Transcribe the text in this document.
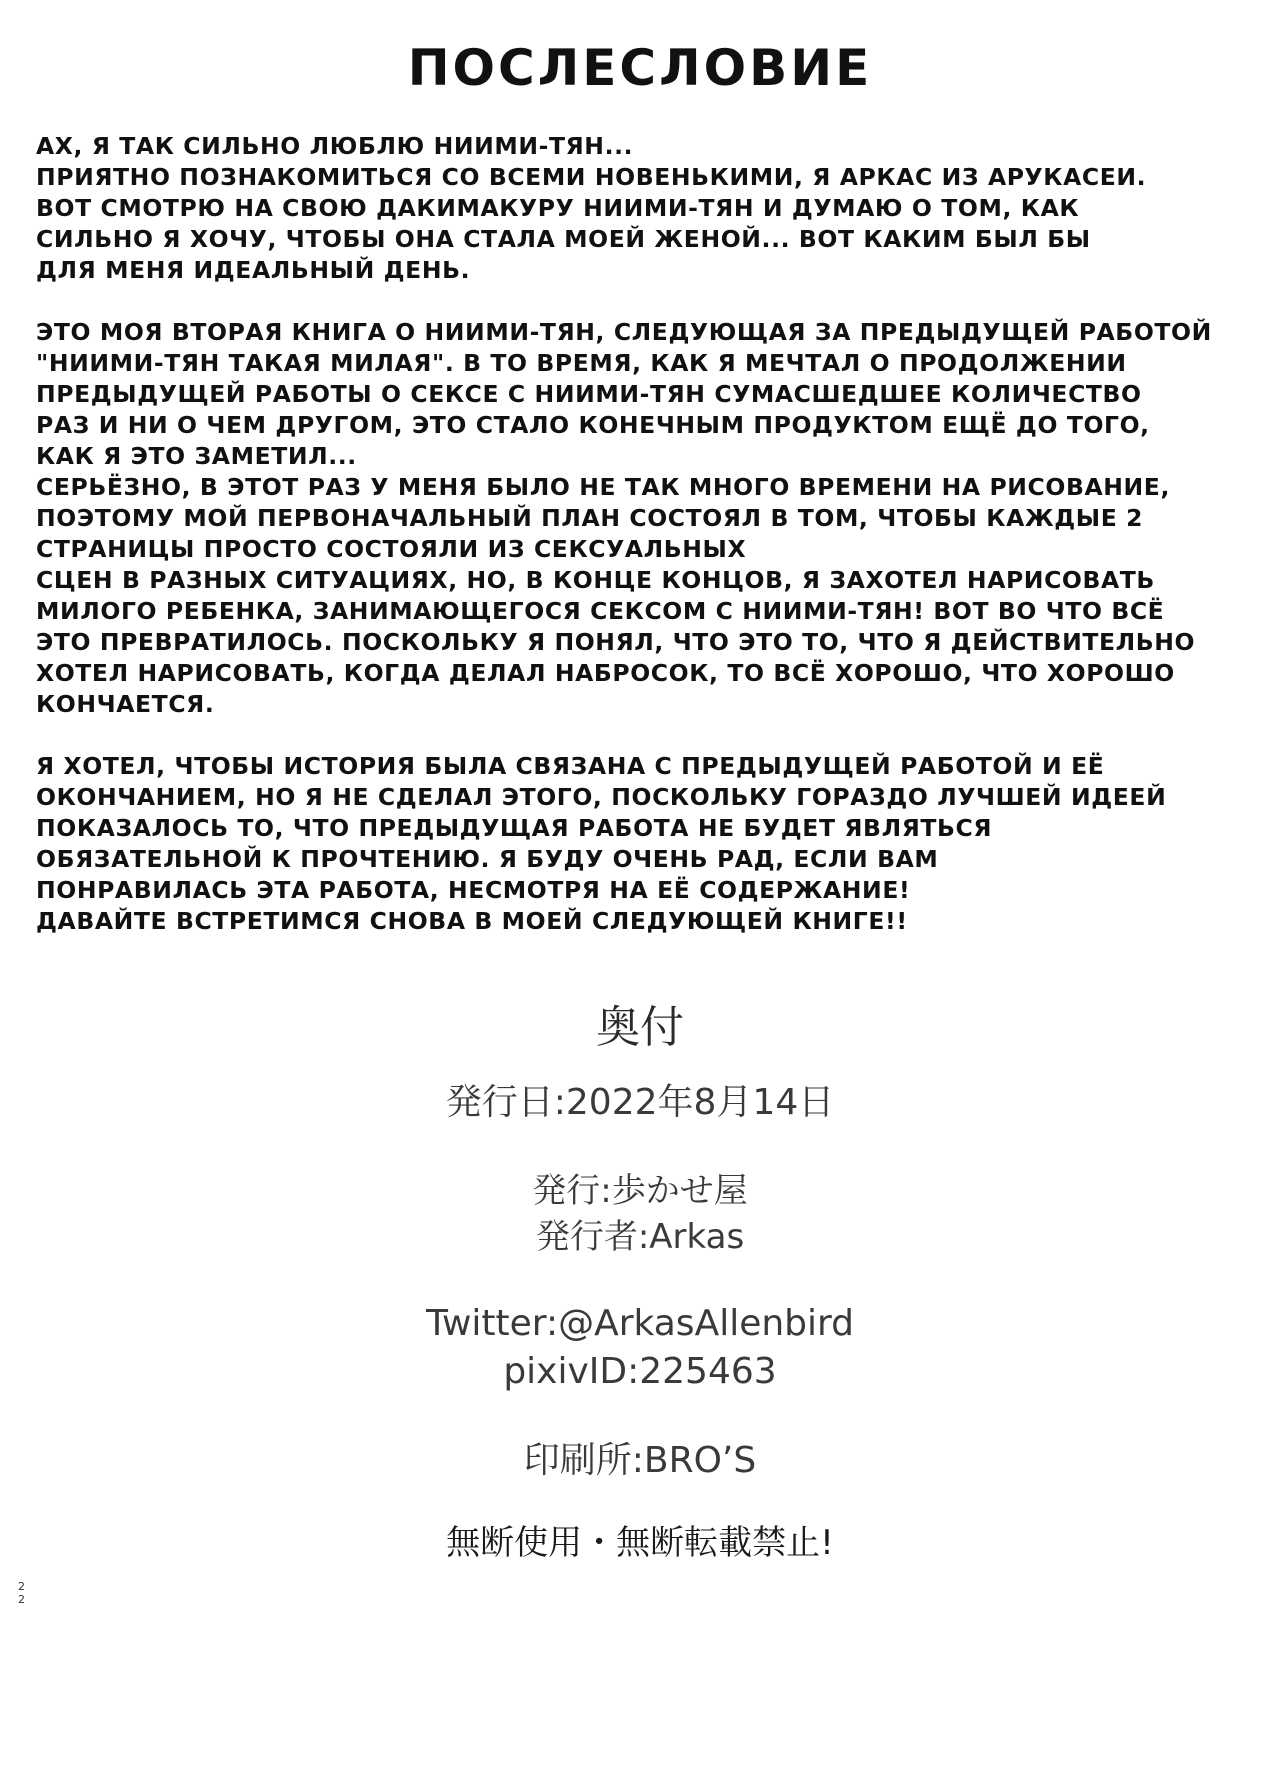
ПОСЛЕСЛОВИЕ

АХ, Я ТАК СИЛЬНО ЛЮБЛЮ НИИМИ-ТЯН...
ПРИЯТНО ПОЗНАКОМИТЬСЯ СО ВСЕМИ НОВЕНЬКИМИ, Я АРКАС ИЗ АРУКАСЕИ.
ВОТ СМОТРЮ НА СВОЮ ДАКИМАКУРУ НИИМИ-ТЯН И ДУМАЮ О ТОМ, КАК
СИЛЬНО Я ХОЧУ, ЧТОБЫ ОНА СТАЛА МОЕЙ ЖЕНОЙ... ВОТ КАКИМ БЫЛ БЫ
ДЛЯ МЕНЯ ИДЕАЛЬНЫЙ ДЕНЬ.

ЭТО МОЯ ВТОРАЯ КНИГА О НИИМИ-ТЯН, СЛЕДУЮЩАЯ ЗА ПРЕДЫДУЩЕЙ РАБОТОЙ
"НИИМИ-ТЯН ТАКАЯ МИЛАЯ". В ТО ВРЕМЯ, КАК Я МЕЧТАЛ О ПРОДОЛЖЕНИИ
ПРЕДЫДУЩЕЙ РАБОТЫ О СЕКСЕ С НИИМИ-ТЯН СУМАСШЕДШЕЕ КОЛИЧЕСТВО
РАЗ И НИ О ЧЕМ ДРУГОМ, ЭТО СТАЛО КОНЕЧНЫМ ПРОДУКТОМ ЕЩЁ ДО ТОГО,
КАК Я ЭТО ЗАМЕТИЛ...
СЕРЬЁЗНО, В ЭТОТ РАЗ У МЕНЯ БЫЛО НЕ ТАК МНОГО ВРЕМЕНИ НА РИСОВАНИЕ,
ПОЭТОМУ МОЙ ПЕРВОНАЧАЛЬНЫЙ ПЛАН СОСТОЯЛ В ТОМ, ЧТОБЫ КАЖДЫЕ 2
СТРАНИЦЫ ПРОСТО СОСТОЯЛИ ИЗ СЕКСУАЛЬНЫХ
СЦЕН В РАЗНЫХ СИТУАЦИЯХ, НО, В КОНЦЕ КОНЦОВ, Я ЗАХОТЕЛ НАРИСОВАТЬ
МИЛОГО РЕБЕНКА, ЗАНИМАЮЩЕГОСЯ СЕКСОМ С НИИМИ-ТЯН! ВОТ ВО ЧТО ВСЁ
ЭТО ПРЕВРАТИЛОСЬ. ПОСКОЛЬКУ Я ПОНЯЛ, ЧТО ЭТО ТО, ЧТО Я ДЕЙСТВИТЕЛЬНО
ХОТЕЛ НАРИСОВАТЬ, КОГДА ДЕЛАЛ НАБРОСОК, ТО ВСЁ ХОРОШО, ЧТО ХОРОШО
КОНЧАЕТСЯ.

Я ХОТЕЛ, ЧТОБЫ ИСТОРИЯ БЫЛА СВЯЗАНА С ПРЕДЫДУЩЕЙ РАБОТОЙ И ЕЁ
ОКОНЧАНИЕМ, НО Я НЕ СДЕЛАЛ ЭТОГО, ПОСКОЛЬКУ ГОРАЗДО ЛУЧШЕЙ ИДЕЕЙ
ПОКАЗАЛОСЬ ТО, ЧТО ПРЕДЫДУЩАЯ РАБОТА НЕ БУДЕТ ЯВЛЯТЬСЯ
ОБЯЗАТЕЛЬНОЙ К ПРОЧТЕНИЮ. Я БУДУ ОЧЕНЬ РАД, ЕСЛИ ВАМ
ПОНРАВИЛАСЬ ЭТА РАБОТА, НЕСМОТРЯ НА ЕЁ СОДЕРЖАНИЕ!
ДАВАЙТЕ ВСТРЕТИМСЯ СНОВА В МОЕЙ СЛЕДУЮЩЕЙ КНИГЕ!!

奥付
発行日:2022年8月14日
発行:歩かせ屋
発行者:Arkas
Twitter:@ArkasAllenbird
pixivID:225463
印刷所:BRO’S
無断使用・無断転載禁止!
2
2
